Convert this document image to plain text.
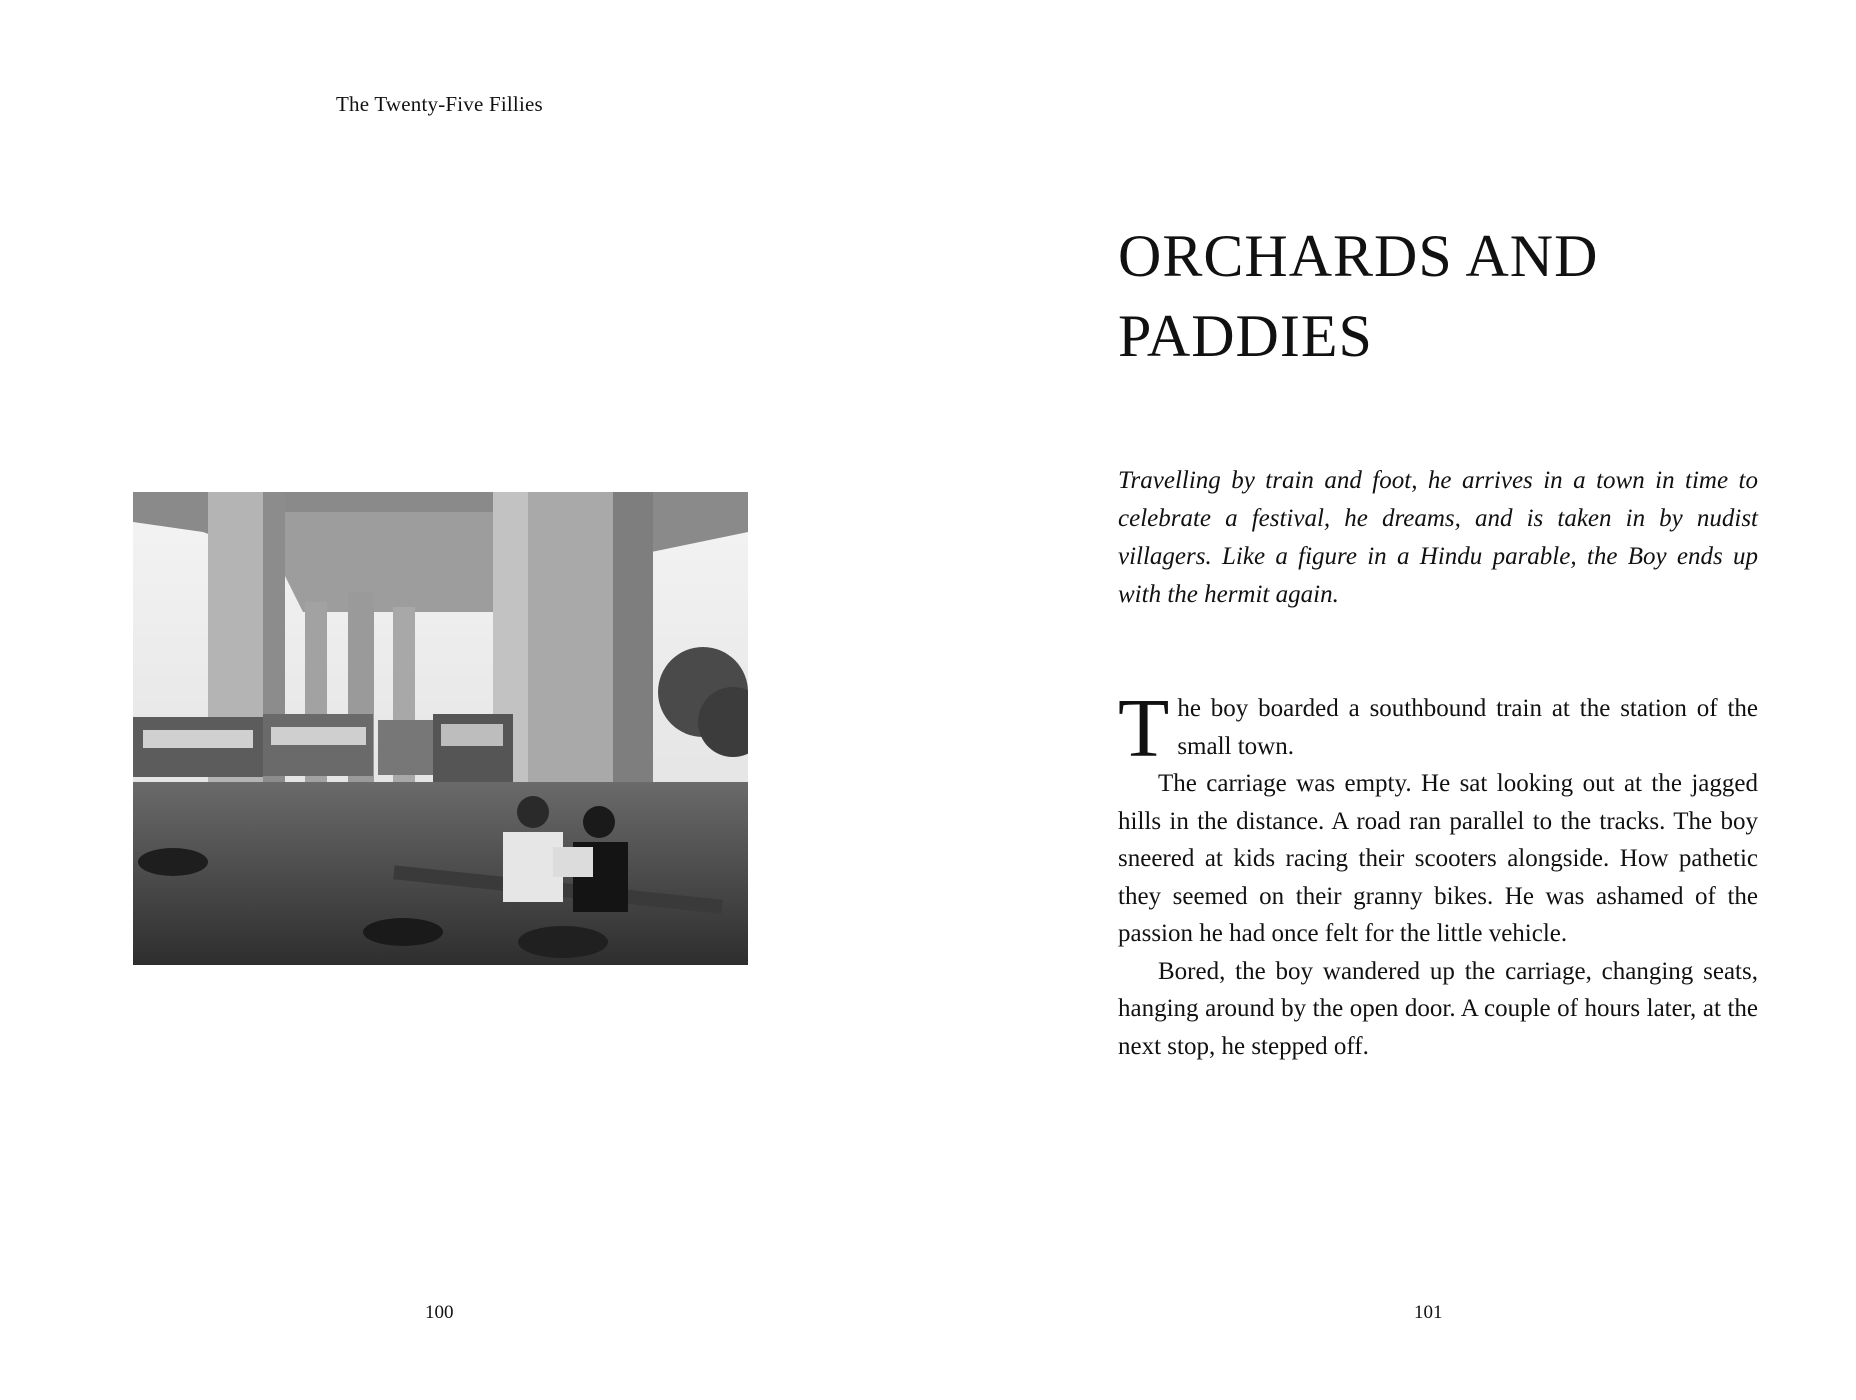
The Twenty-Five Fillies
100
ORCHARDS AND PADDIES

Travelling by train and foot, he arrives in a town in time to celebrate a festival, he dreams, and is taken in by nudist villagers. Like a figure in a Hindu parable, the Boy ends up with the hermit again.

The boy boarded a southbound train at the station of the small town.

The carriage was empty. He sat looking out at the jagged hills in the distance. A road ran parallel to the tracks. The boy sneered at kids racing their scooters alongside. How pathetic they seemed on their granny bikes. He was ashamed of the passion he had once felt for the little vehicle.

Bored, the boy wandered up the carriage, changing seats, hanging around by the open door. A couple of hours later, at the next stop, he stepped off.

101
